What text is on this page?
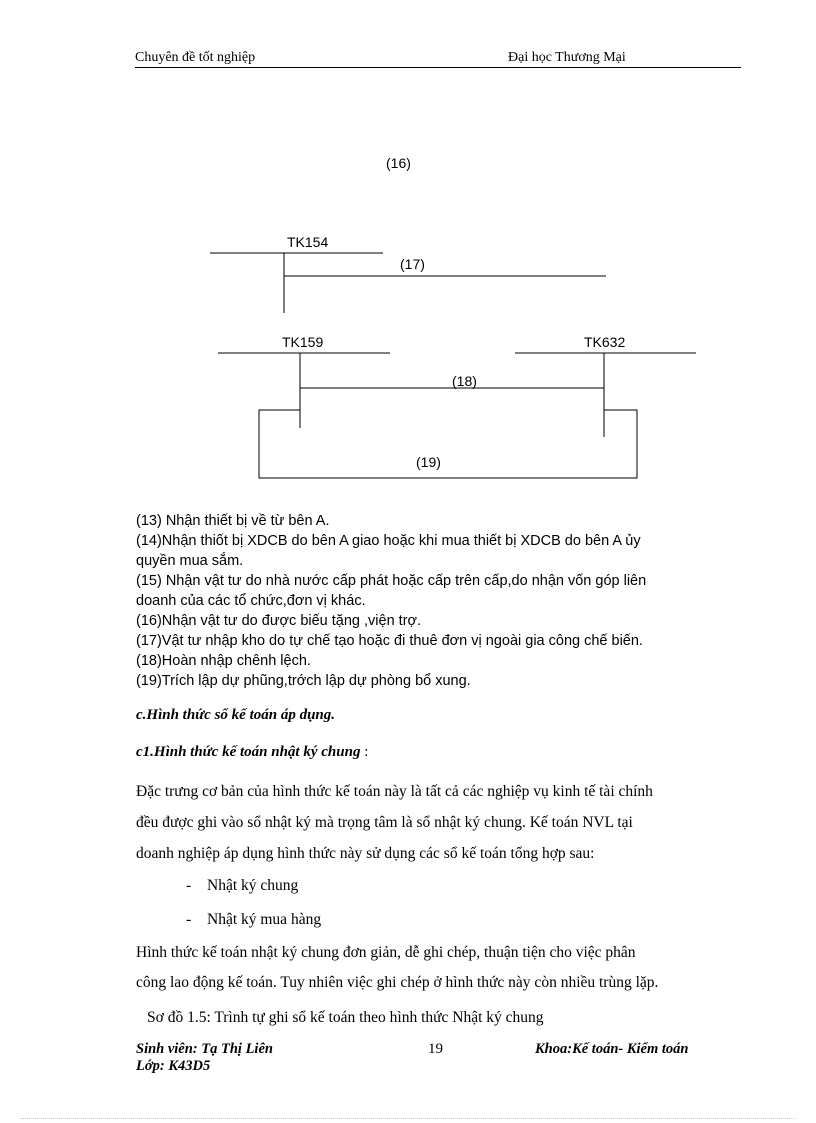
Chuyên đề tốt nghiệp	Đại học Thương Mại
(16)
TK154
(17)
TK159	TK632
(18)
(19)
(13) Nhận thiết bị về từ bên A.
(14)Nhận thiốt bị XDCB do bên A giao hoặc khi mua thiết bị XDCB do bên A ủy
quyền mua sắm.
(15) Nhận vật tư do nhà nước cấp phát hoặc cấp trên cấp,do nhận vốn góp liên
doanh của các tổ chức,đơn vị khác.
(16)Nhận vật tư do được biếu tặng ,viện trợ.
(17)Vật tư nhập kho do tự chế tạo hoặc đi thuê đơn vị ngoài gia công chế biến.
(18)Hoàn nhập chênh lệch.
(19)Trích lập dự phũng,trớch lập dự phòng bổ xung.
c.Hình thức sổ kế toán áp dụng.
c1.Hình thức kế toán nhật ký chung :
Đặc trưng cơ bản của hình thức kế toán này là tất cả các nghiệp vụ kinh tế tài chính
đều được ghi vào sổ nhật ký mà trọng tâm là sổ nhật ký chung. Kế toán NVL tại
doanh nghiệp áp dụng hình thức này sử dụng các sổ kế toán tổng hợp sau:
- Nhật ký chung
- Nhật ký mua hàng
Hình thức kế toán nhật ký chung đơn giản, dễ ghi chép, thuận tiện cho việc phân
công lao động kế toán. Tuy nhiên việc ghi chép ở hình thức này còn nhiều trùng lặp.
Sơ đồ 1.5: Trình tự ghi sổ kế toán theo hình thức Nhật ký chung
Sinh viên: Tạ Thị Liên	19	Khoa:Kế toán- Kiểm toán
Lớp: K43D5
